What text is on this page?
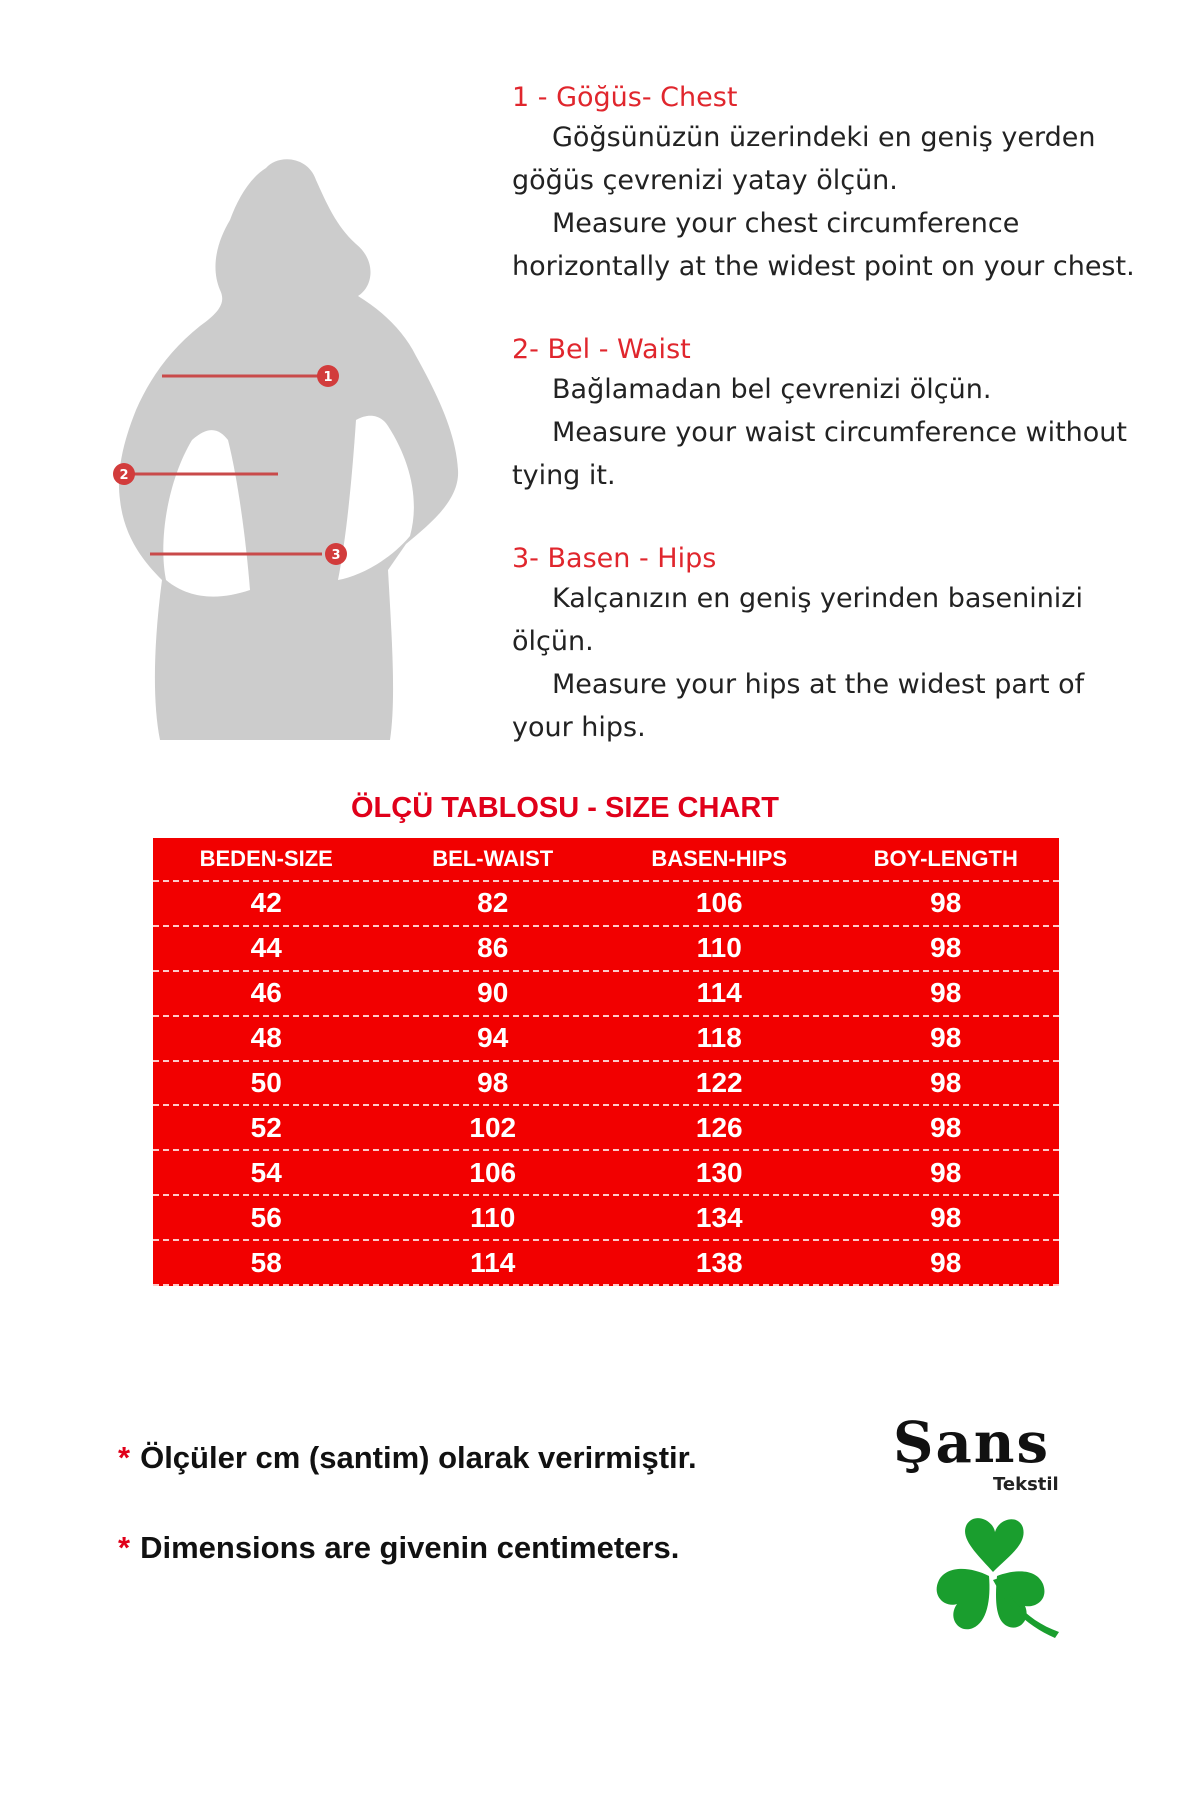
1
2
3
1 - Göğüs- Chest
Göğsünüzün üzerindeki en geniş yerden
göğüs çevrenizi yatay ölçün.
Measure your chest circumference
horizontally at the widest point on your chest.
2- Bel - Waist
Bağlamadan bel çevrenizi ölçün.
Measure your waist circumference without
tying it.
3- Basen - Hips
Kalçanızın en geniş yerinden baseninizi
ölçün.
Measure your hips at the widest part of
your hips.
ÖLÇÜ TABLOSU - SIZE CHART
BEDEN-SIZE	BEL-WAIST	BASEN-HIPS	BOY-LENGTH
42	82	106	98
44	86	110	98
46	90	114	98
48	94	118	98
50	98	122	98
52	102	126	98
54	106	130	98
56	110	134	98
58	114	138	98
* Ölçüler cm (santim) olarak verirmiştir.
* Dimensions are givenin centimeters.
Şans
Tekstil
